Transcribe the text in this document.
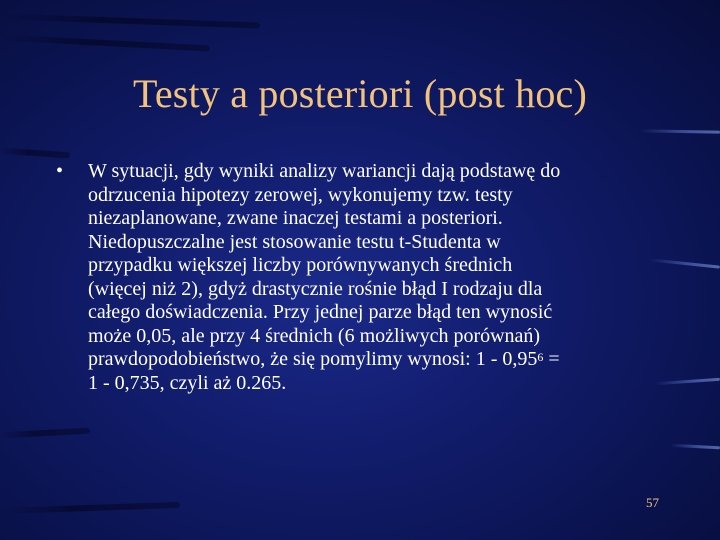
Testy a posteriori (post hoc)
• W sytuacji, gdy wyniki analizy wariancji dają podstawę do
odrzucenia hipotezy zerowej, wykonujemy tzw. testy
niezaplanowane, zwane inaczej testami a posteriori.
Niedopuszczalne jest stosowanie testu t-Studenta w
przypadku większej liczby porównywanych średnich
(więcej niż 2), gdyż drastycznie rośnie błąd I rodzaju dla
całego doświadczenia. Przy jednej parze błąd ten wynosić
może 0,05, ale przy 4 średnich (6 możliwych porównań)
prawdopodobieństwo, że się pomylimy wynosi: $1 - 0,95^6$ =
1 - 0,735, czyli aż 0.265.
57
